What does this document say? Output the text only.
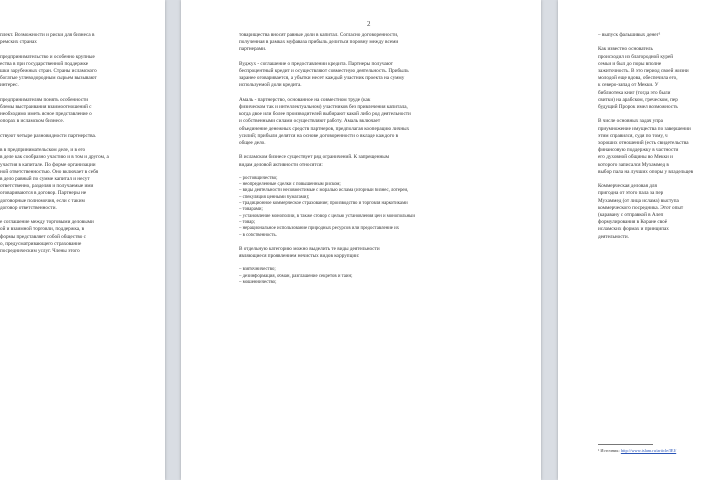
плект. Возможности и риски для бизнеса в
ремских странах

предпринимательство и особенно крупные
ества в при государственной поддержке
шки зарубежных стран. Страны исламского
богатые углеводородным сырьем вызывают
интерес.

предпринимателям понять особенности
блемы выстраивания взаимоотношений с
необходимо иметь ясное представление о
опорах в исламском бизнесе.

ствуют четыре разновидности партнерства.

в в предпринимательском деле, и в его
в деле как сообразно участию и в том и другом, а
участия в капитале. По форме организации
ной ответственностью. Оно включает в себя
в дело равный по сумме капитал и несут
ответственно, разделяя и получаемые ими
оговариваются в договор. Партнеры не
договорные полномочия, если с таким
договор ответственности.

е соглашение между торговыми деловыми
ой и взаимной торговли, поддержка, в
формы представляет собой общество с
о, предусматривающего страхование
посредническим услуг. Члены этого
2
товарищества вносят равные доли в капитал. Согласно договоренности,
полученная в рамках муфаваза прибыль делиться поровну между всеми
партнерами.

Вуджух - соглашение о предоставлении кредита. Партнеры получают
беспроцентный кредит и осуществляют совместную деятельность. Прибыль
заранее оговаривается, а убытки несет каждый участник проекта на сумму
используемой доли кредита.

Амаль - партнерство, основанное на совместном труде (как
физическом так и интеллектуальном) участников без привлечения капитала,
когда двое или более производителей выбирают какой либо род деятельности
и собственными силами осуществляют работу. Амаль включает
объединение денежных средств партнеров, предполагая кооперацию личных
усилий; прибыли делятся на основе договоренности о вкладе каждого в
общее дело.

В исламском бизнесе существует ряд ограничений. К запрещенным
видам деловой активности относятся:
– ростовщичество;
– неопределенные сделки с повышенным риском;
– виды деятельности несовместимые с моралью ислама (игорный бизнес, лотереи,
– спекуляция ценными бумагами);
– традиционное коммерческое страхование; производство и торговля наркотиками
– товарами;
– установление монополии, в также сговор с целью установления цен и монопольный
– товар;
– нерациональное использование природных ресурсов или предоставление их
– в собственность.
В отдельную категорию можно выделить те виды деятельности
являющиеся проявлением нечистых видов коррупции:
– взяточничество;
– дезинформация, обман, разглашение секретов и тайн;
– мошенничество;
– выпуск фальшивых денег¹

Как известно основатель
происходил из благородной курей
семьи и был до поры вполне
зажиточность. В это период своей жизни
молодой еще вдова, обеспечила его,
к северо-запад от Мекки. У
библиотека книг (тогда это были
свитки) на арабском, греческом, пер
будущий Пророк имел возможность

В числе основных задач упра
приумножение имущества по завершении
этим справился, судя по тому, ч
хороших отношений (есть свидетельства
финансовую поддержку в частности
его духовной общины во Мекки и
которого записался Мухаммед в
выбор пала на лучших опоры у владельцев

Коммерческая деловая для
пригодна от этого пала за пер
Мухаммед (от лица ислама) выступа
коммерческого посредника. Этот опыт
(каравану с отправкой в Алеп
формулирования в Коране своё
исламских формах и принципах
деятельности.
¹ Источник: http://www.islam.ru/article/IEI/
